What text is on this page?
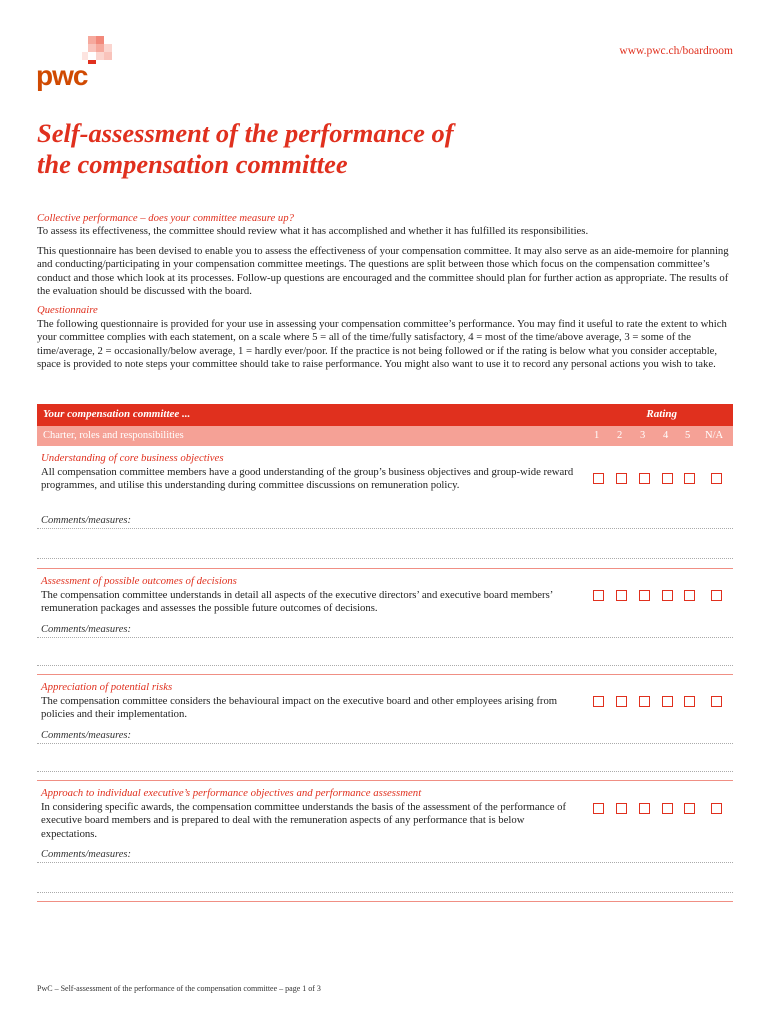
pwc
www.pwc.ch/boardroom
Self-assessment of the performance of
the compensation committee

Collective performance – does your committee measure up?

To assess its effectiveness, the committee should review what it has accomplished and whether it has fulfilled its responsibilities.

This questionnaire has been devised to enable you to assess the effectiveness of your compensation committee. It may also serve as an aide-memoire for planning and conducting/participating in your compensation committee meetings. The questions are split between those which focus on the compensation committee’s conduct and those which look at its processes. Follow-up questions are encouraged and the committee should plan for further action as appropriate. The results of the evaluation should be discussed with the board.

Questionnaire

The following questionnaire is provided for your use in assessing your compensation committee’s performance. You may find it useful to rate the extent to which your committee complies with each statement, on a scale where 5 = all of the time/fully satisfactory, 4 = most of the time/above average, 3 = some of the time/average, 2 = occasionally/below average, 1 = hardly ever/poor. If the practice is not being followed or if the rating is below what you consider acceptable, space is provided to note steps your committee should take to raise performance. You might also want to use it to record any personal actions you wish to take.

Your compensation committee ...	Rating
Charter, roles and responsibilities	1 2 3 4 5 N/A
Understanding of core business objectives
All compensation committee members have a good understanding of the group’s business objectives and group-wide reward programmes, and utilise this understanding during committee discussions on remuneration policy.
Comments/measures:
Assessment of possible outcomes of decisions
The compensation committee understands in detail all aspects of the executive directors’ and executive board members’ remuneration packages and assesses the possible future outcomes of decisions.
Comments/measures:
Appreciation of potential risks
The compensation committee considers the behavioural impact on the executive board and other employees arising from policies and their implementation.
Comments/measures:
Approach to individual executive’s performance objectives and performance assessment
In considering specific awards, the compensation committee understands the basis of the assessment of the performance of executive board members and is prepared to deal with the remuneration aspects of any performance that is below expectations.
Comments/measures:
PwC – Self-assessment of the performance of the compensation committee – page 1 of 3
